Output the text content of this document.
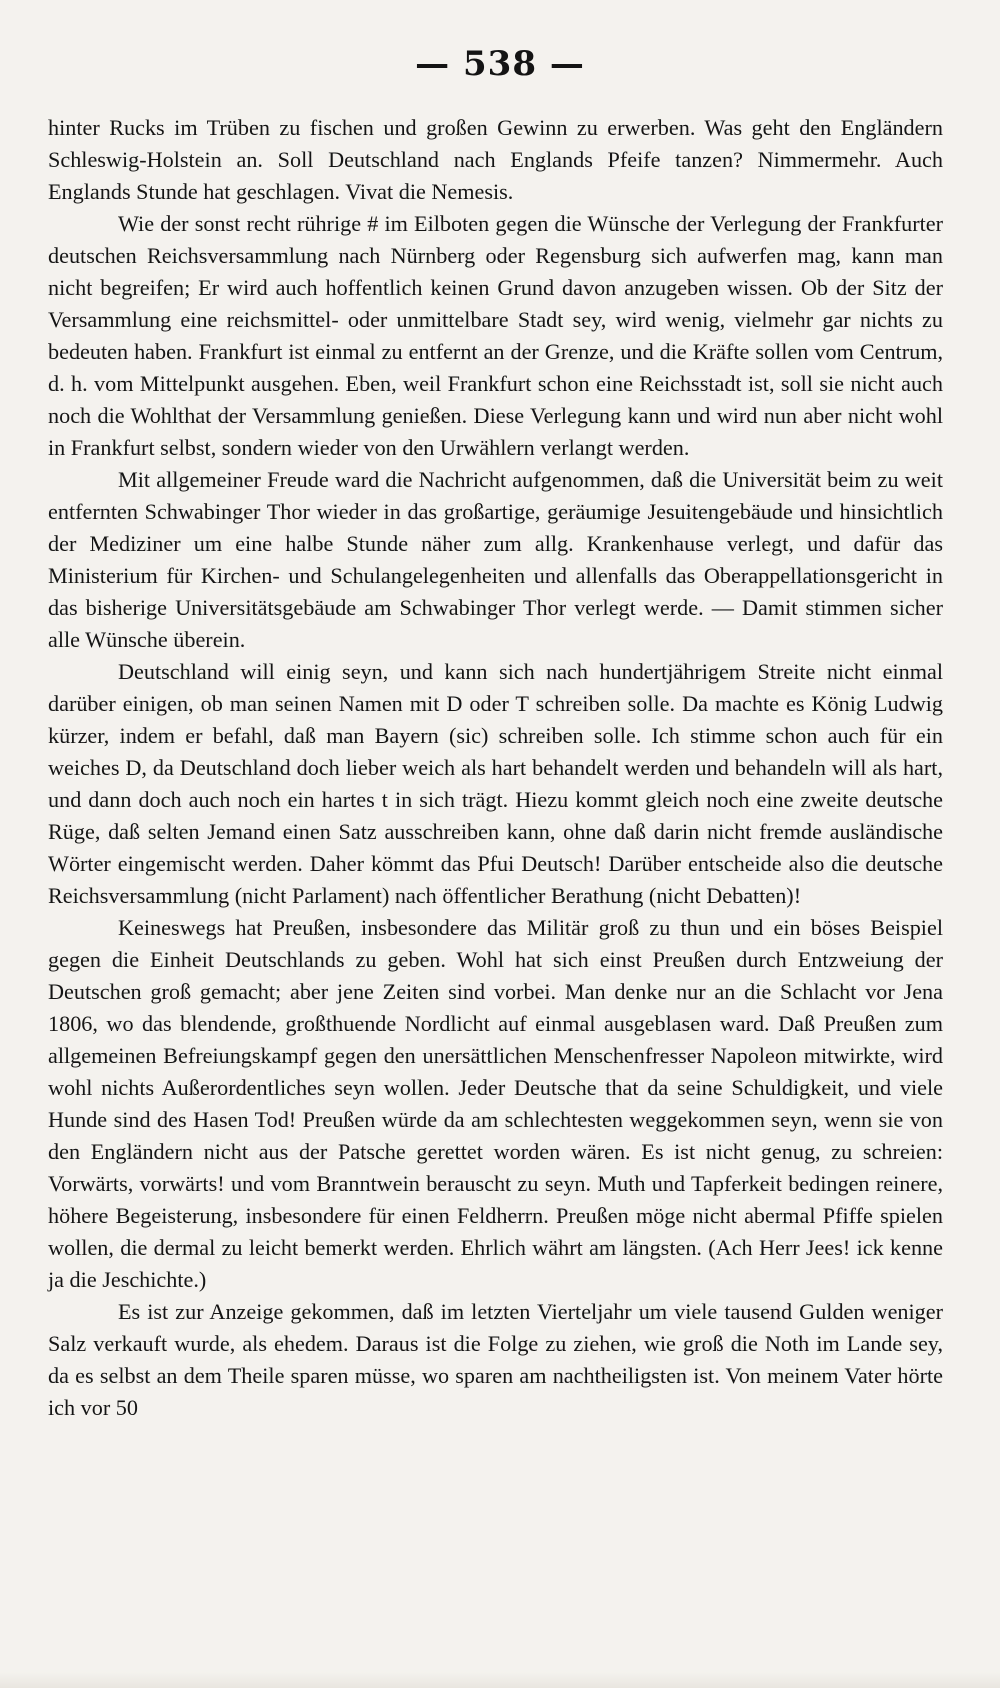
— 538 —

hinter Rucks im Trüben zu fischen und großen Gewinn zu erwerben. Was geht den Engländern Schleswig-Holstein an. Soll Deutschland nach Englands Pfeife tanzen? Nimmermehr. Auch Englands Stunde hat geschlagen. Vivat die Nemesis.

Wie der sonst recht rührige # im Eilboten gegen die Wünsche der Verlegung der Frankfurter deutschen Reichsversammlung nach Nürnberg oder Regensburg sich aufwerfen mag, kann man nicht begreifen; Er wird auch hoffentlich keinen Grund davon anzugeben wissen. Ob der Sitz der Versammlung eine reichsmittel- oder unmittelbare Stadt sey, wird wenig, vielmehr gar nichts zu bedeuten haben. Frankfurt ist einmal zu entfernt an der Grenze, und die Kräfte sollen vom Centrum, d. h. vom Mittelpunkt ausgehen. Eben, weil Frankfurt schon eine Reichsstadt ist, soll sie nicht auch noch die Wohlthat der Versammlung genießen. Diese Verlegung kann und wird nun aber nicht wohl in Frankfurt selbst, sondern wieder von den Urwählern verlangt werden.

Mit allgemeiner Freude ward die Nachricht aufgenommen, daß die Universität beim zu weit entfernten Schwabinger Thor wieder in das großartige, geräumige Jesuitengebäude und hinsichtlich der Mediziner um eine halbe Stunde näher zum allg. Krankenhause verlegt, und dafür das Ministerium für Kirchen- und Schulangelegenheiten und allenfalls das Oberappellationsgericht in das bisherige Universitätsgebäude am Schwabinger Thor verlegt werde. — Damit stimmen sicher alle Wünsche überein.

Deutschland will einig seyn, und kann sich nach hundertjährigem Streite nicht einmal darüber einigen, ob man seinen Namen mit D oder T schreiben solle. Da machte es König Ludwig kürzer, indem er befahl, daß man Bayern (sic) schreiben solle. Ich stimme schon auch für ein weiches D, da Deutschland doch lieber weich als hart behandelt werden und behandeln will als hart, und dann doch auch noch ein hartes t in sich trägt. Hiezu kommt gleich noch eine zweite deutsche Rüge, daß selten Jemand einen Satz ausschreiben kann, ohne daß darin nicht fremde ausländische Wörter eingemischt werden. Daher kömmt das Pfui Deutsch! Darüber entscheide also die deutsche Reichsversammlung (nicht Parlament) nach öffentlicher Berathung (nicht Debatten)!

Keineswegs hat Preußen, insbesondere das Militär groß zu thun und ein böses Beispiel gegen die Einheit Deutschlands zu geben. Wohl hat sich einst Preußen durch Entzweiung der Deutschen groß gemacht; aber jene Zeiten sind vorbei. Man denke nur an die Schlacht vor Jena 1806, wo das blendende, großthuende Nordlicht auf einmal ausgeblasen ward. Daß Preußen zum allgemeinen Befreiungskampf gegen den unersättlichen Menschenfresser Napoleon mitwirkte, wird wohl nichts Außerordentliches seyn wollen. Jeder Deutsche that da seine Schuldigkeit, und viele Hunde sind des Hasen Tod! Preußen würde da am schlechtesten weggekommen seyn, wenn sie von den Engländern nicht aus der Patsche gerettet worden wären. Es ist nicht genug, zu schreien: Vorwärts, vorwärts! und vom Branntwein berauscht zu seyn. Muth und Tapferkeit bedingen reinere, höhere Begeisterung, insbesondere für einen Feldherrn. Preußen möge nicht abermal Pfiffe spielen wollen, die dermal zu leicht bemerkt werden. Ehrlich währt am längsten. (Ach Herr Jees! ick kenne ja die Jeschichte.)

Es ist zur Anzeige gekommen, daß im letzten Vierteljahr um viele tausend Gulden weniger Salz verkauft wurde, als ehedem. Daraus ist die Folge zu ziehen, wie groß die Noth im Lande sey, da es selbst an dem Theile sparen müsse, wo sparen am nachtheiligsten ist. Von meinem Vater hörte ich vor 50
